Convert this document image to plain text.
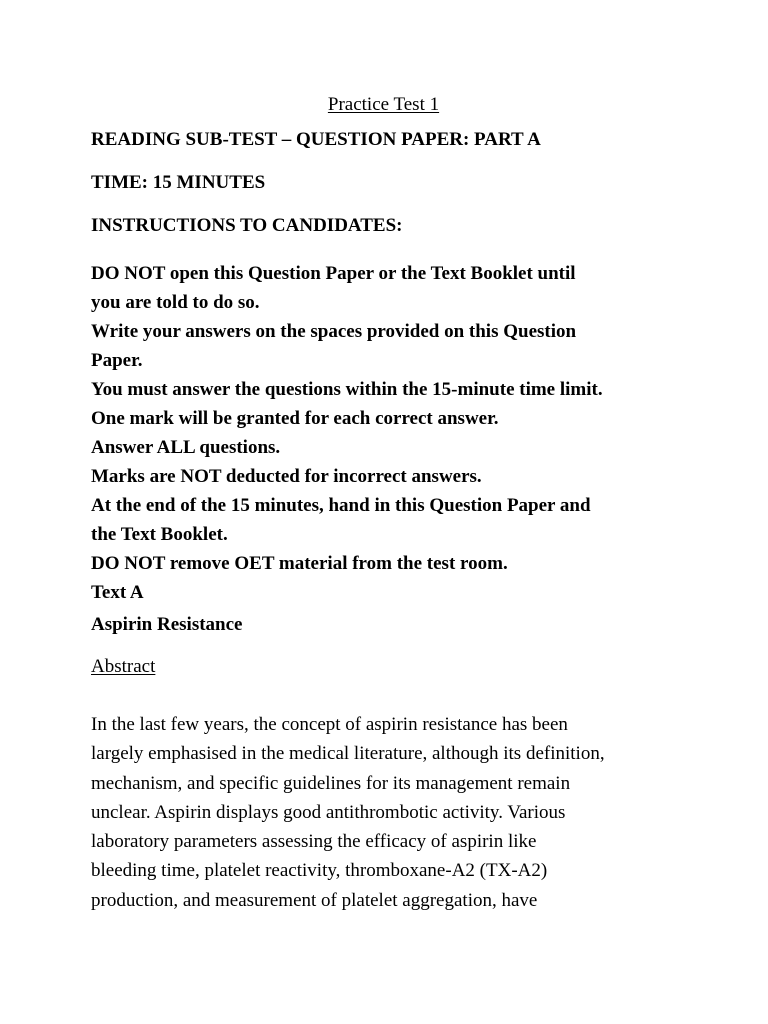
Practice Test 1
READING SUB-TEST – QUESTION PAPER: PART A
TIME: 15 MINUTES
INSTRUCTIONS TO CANDIDATES:
DO NOT open this Question Paper or the Text Booklet until
you are told to do so.
Write your answers on the spaces provided on this Question
Paper.
You must answer the questions within the 15-minute time limit.
One mark will be granted for each correct answer.
Answer ALL questions.
Marks are NOT deducted for incorrect answers.
At the end of the 15 minutes, hand in this Question Paper and
the Text Booklet.
DO NOT remove OET material from the test room.
Text A
Aspirin Resistance
Abstract
In the last few years, the concept of aspirin resistance has been
largely emphasised in the medical literature, although its definition,
mechanism, and specific guidelines for its management remain
unclear. Aspirin displays good antithrombotic activity. Various
laboratory parameters assessing the efficacy of aspirin like
bleeding time, platelet reactivity, thromboxane-A2 (TX-A2)
production, and measurement of platelet aggregation, have
